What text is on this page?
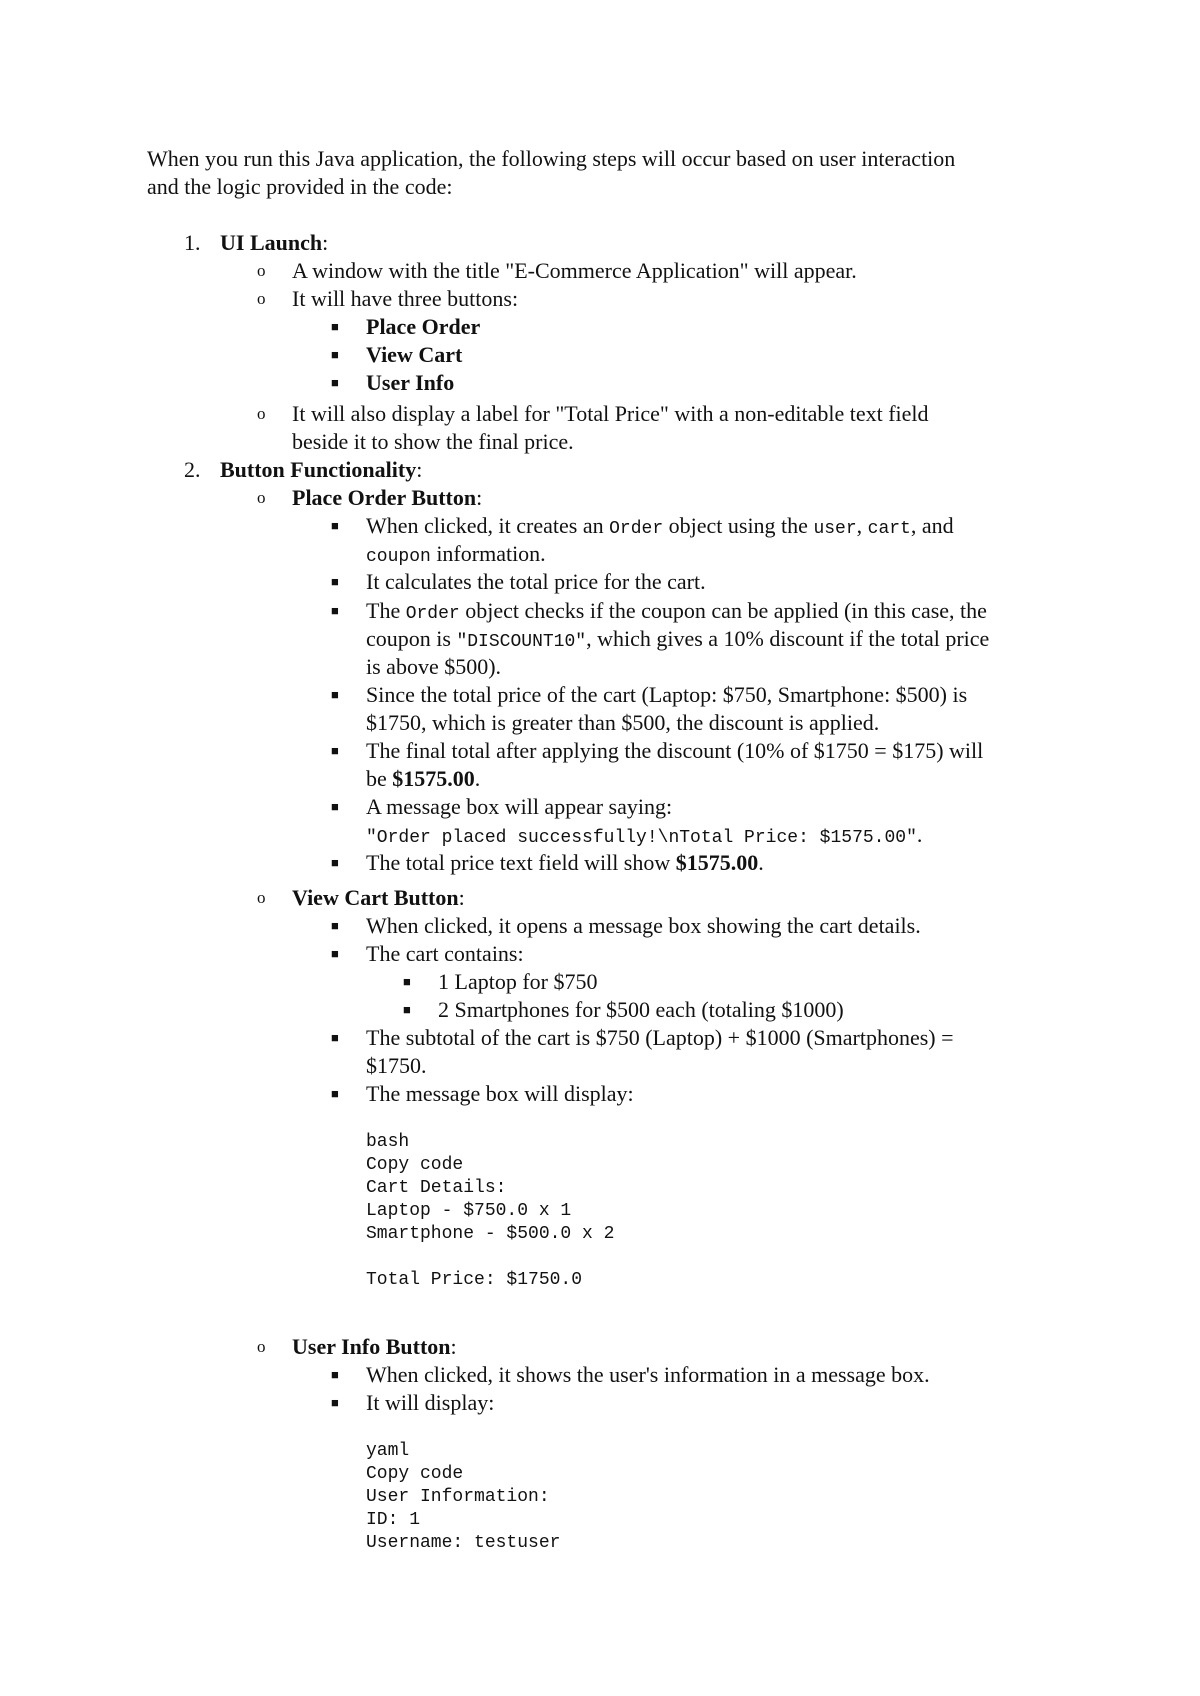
When you run this Java application, the following steps will occur based on user interaction
and the logic provided in the code:
1. UI Launch:
o A window with the title "E-Commerce Application" will appear.
o It will have three buttons:
■ Place Order
■ View Cart
■ User Info
o It will also display a label for "Total Price" with a non-editable text field
beside it to show the final price.
2. Button Functionality:
o Place Order Button:
■ When clicked, it creates an Order object using the user, cart, and
coupon information.
■ It calculates the total price for the cart.
■ The Order object checks if the coupon can be applied (in this case, the
coupon is "DISCOUNT10", which gives a 10% discount if the total price
is above $500).
■ Since the total price of the cart (Laptop: $750, Smartphone: $500) is
$1750, which is greater than $500, the discount is applied.
■ The final total after applying the discount (10% of $1750 = $175) will
be $1575.00.
■ A message box will appear saying:
"Order placed successfully!\nTotal Price: $1575.00".
■ The total price text field will show $1575.00.
o View Cart Button:
■ When clicked, it opens a message box showing the cart details.
■ The cart contains:
■ 1 Laptop for $750
■ 2 Smartphones for $500 each (totaling $1000)
■ The subtotal of the cart is $750 (Laptop) + $1000 (Smartphones) =
$1750.
■ The message box will display:
bash
Copy code
Cart Details:
Laptop - $750.0 x 1
Smartphone - $500.0 x 2

Total Price: $1750.0
o User Info Button:
■ When clicked, it shows the user's information in a message box.
■ It will display:
yaml
Copy code
User Information:
ID: 1
Username: testuser
